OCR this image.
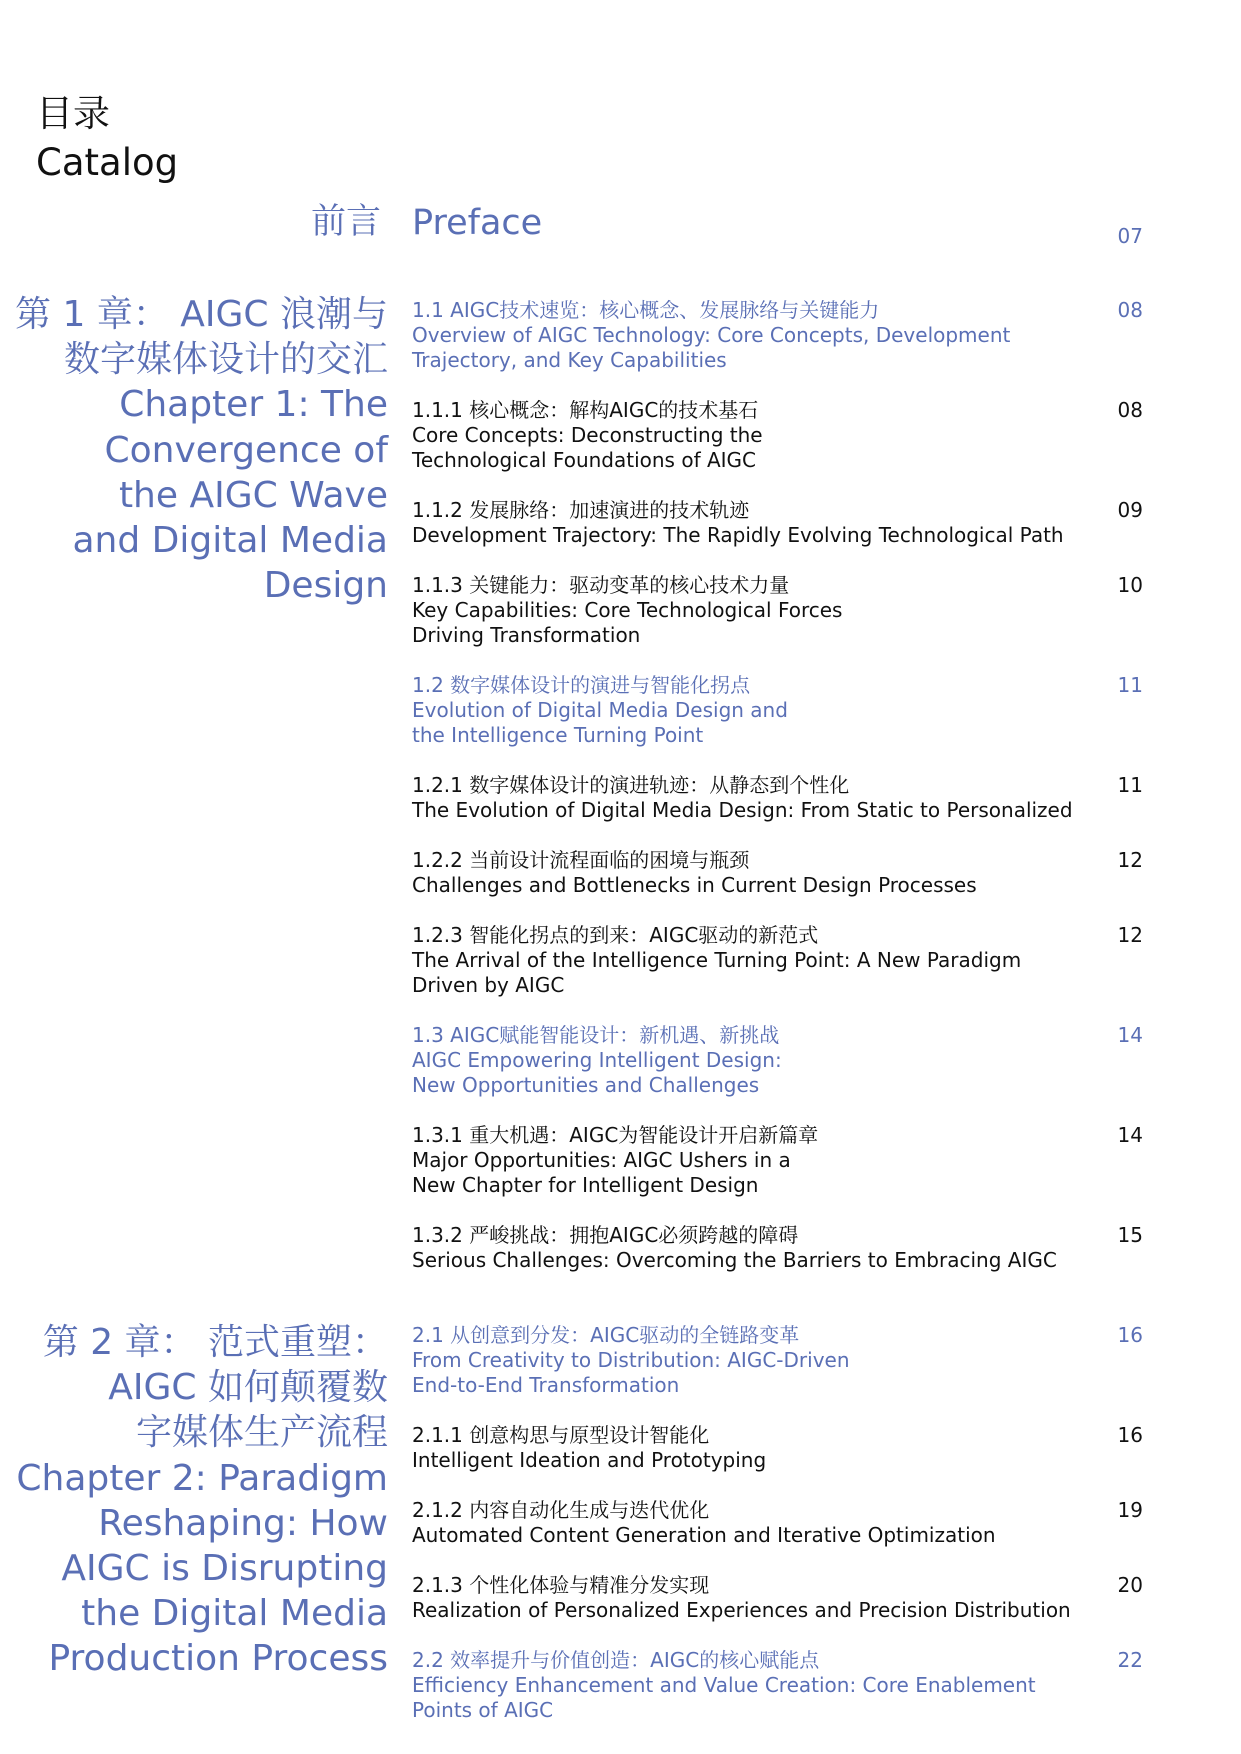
目录
Catalog
前言 Preface	07
第 1 章： AIGC 浪潮与
数字媒体设计的交汇
Chapter 1: The
Convergence of
the AIGC Wave
and Digital Media
Design
第 2 章： 范式重塑：
AIGC 如何颠覆数
字媒体生产流程
Chapter 2: Paradigm
Reshaping: How
AIGC is Disrupting
the Digital Media
Production Process
1.1 AIGC技术速览：核心概念、发展脉络与关键能力
Overview of AIGC Technology: Core Concepts, Development
Trajectory, and Key Capabilities
08
1.1.1 核心概念：解构AIGC的技术基石
Core Concepts: Deconstructing the
Technological Foundations of AIGC
08
1.1.2 发展脉络：加速演进的技术轨迹
Development Trajectory: The Rapidly Evolving Technological Path
09
1.1.3 关键能力：驱动变革的核心技术力量
Key Capabilities: Core Technological Forces
Driving Transformation
10
1.2 数字媒体设计的演进与智能化拐点
Evolution of Digital Media Design and
the Intelligence Turning Point
11
1.2.1 数字媒体设计的演进轨迹：从静态到个性化
The Evolution of Digital Media Design: From Static to Personalized
11
1.2.2 当前设计流程面临的困境与瓶颈
Challenges and Bottlenecks in Current Design Processes
12
1.2.3 智能化拐点的到来：AIGC驱动的新范式
The Arrival of the Intelligence Turning Point: A New Paradigm
Driven by AIGC
12
1.3 AIGC赋能智能设计：新机遇、新挑战
AIGC Empowering Intelligent Design:
New Opportunities and Challenges
14
1.3.1 重大机遇：AIGC为智能设计开启新篇章
Major Opportunities: AIGC Ushers in a
New Chapter for Intelligent Design
14
1.3.2 严峻挑战：拥抱AIGC必须跨越的障碍
Serious Challenges: Overcoming the Barriers to Embracing AIGC
15
2.1 从创意到分发：AIGC驱动的全链路变革
From Creativity to Distribution: AIGC-Driven
End-to-End Transformation
16
2.1.1 创意构思与原型设计智能化
Intelligent Ideation and Prototyping
16
2.1.2 内容自动化生成与迭代优化
Automated Content Generation and Iterative Optimization
19
2.1.3 个性化体验与精准分发实现
Realization of Personalized Experiences and Precision Distribution
20
2.2 效率提升与价值创造：AIGC的核心赋能点
Efficiency Enhancement and Value Creation: Core Enablement
Points of AIGC
22
